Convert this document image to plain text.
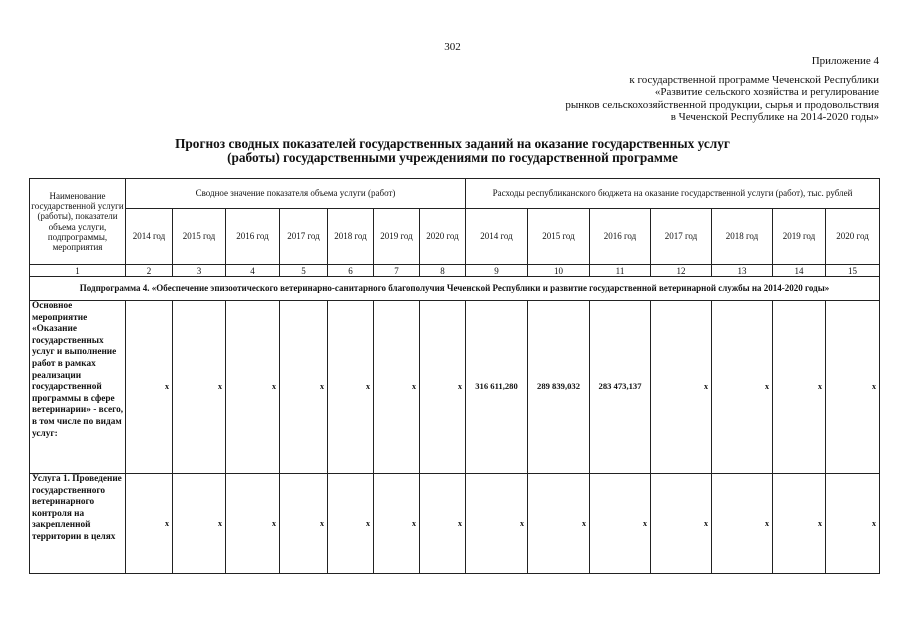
302
Приложение 4
к государственной программе Чеченской Республики
«Развитие сельского хозяйства и регулирование
рынков сельскохозяйственной продукции, сырья и продовольствия
в Чеченской Республике на 2014-2020 годы»
Прогноз сводных показателей государственных заданий на оказание государственных услуг
(работы) государственными учреждениями по государственной программе
Наименование государственной услуги (работы), показатели объема услуги, подпрограммы, мероприятия	Сводное значение показателя объема услуги (работ)							Расходы республиканского бюджета на оказание государственной услуги (работ), тыс. рублей						
	2014 год	2015 год	2016 год	2017 год	2018 год	2019 год	2020 год	2014 год	2015 год	2016 год	2017 год	2018 год	2019 год	2020 год
1	2	3	4	5	6	7	8	9	10	11	12	13	14	15
Подпрограмма 4. «Обеспечение эпизоотического ветеринарно-санитарного благополучия Чеченской Республики и развитие государственной ветеринарной службы на 2014-2020 годы»														
Основное мероприятие «Оказание государственных услуг и выполнение работ в рамках реализации государственной программы в сфере ветеринарии» - всего, в том числе по видам услуг:	x	x	x	x	x	x	x	316 611,280	289 839,032	283 473,137	x	x	x	x
Услуга 1. Проведение государственного ветеринарного контроля на закрепленной территории в целях	x	x	x	x	x	x	x	x	x	x	x	x	x	x
